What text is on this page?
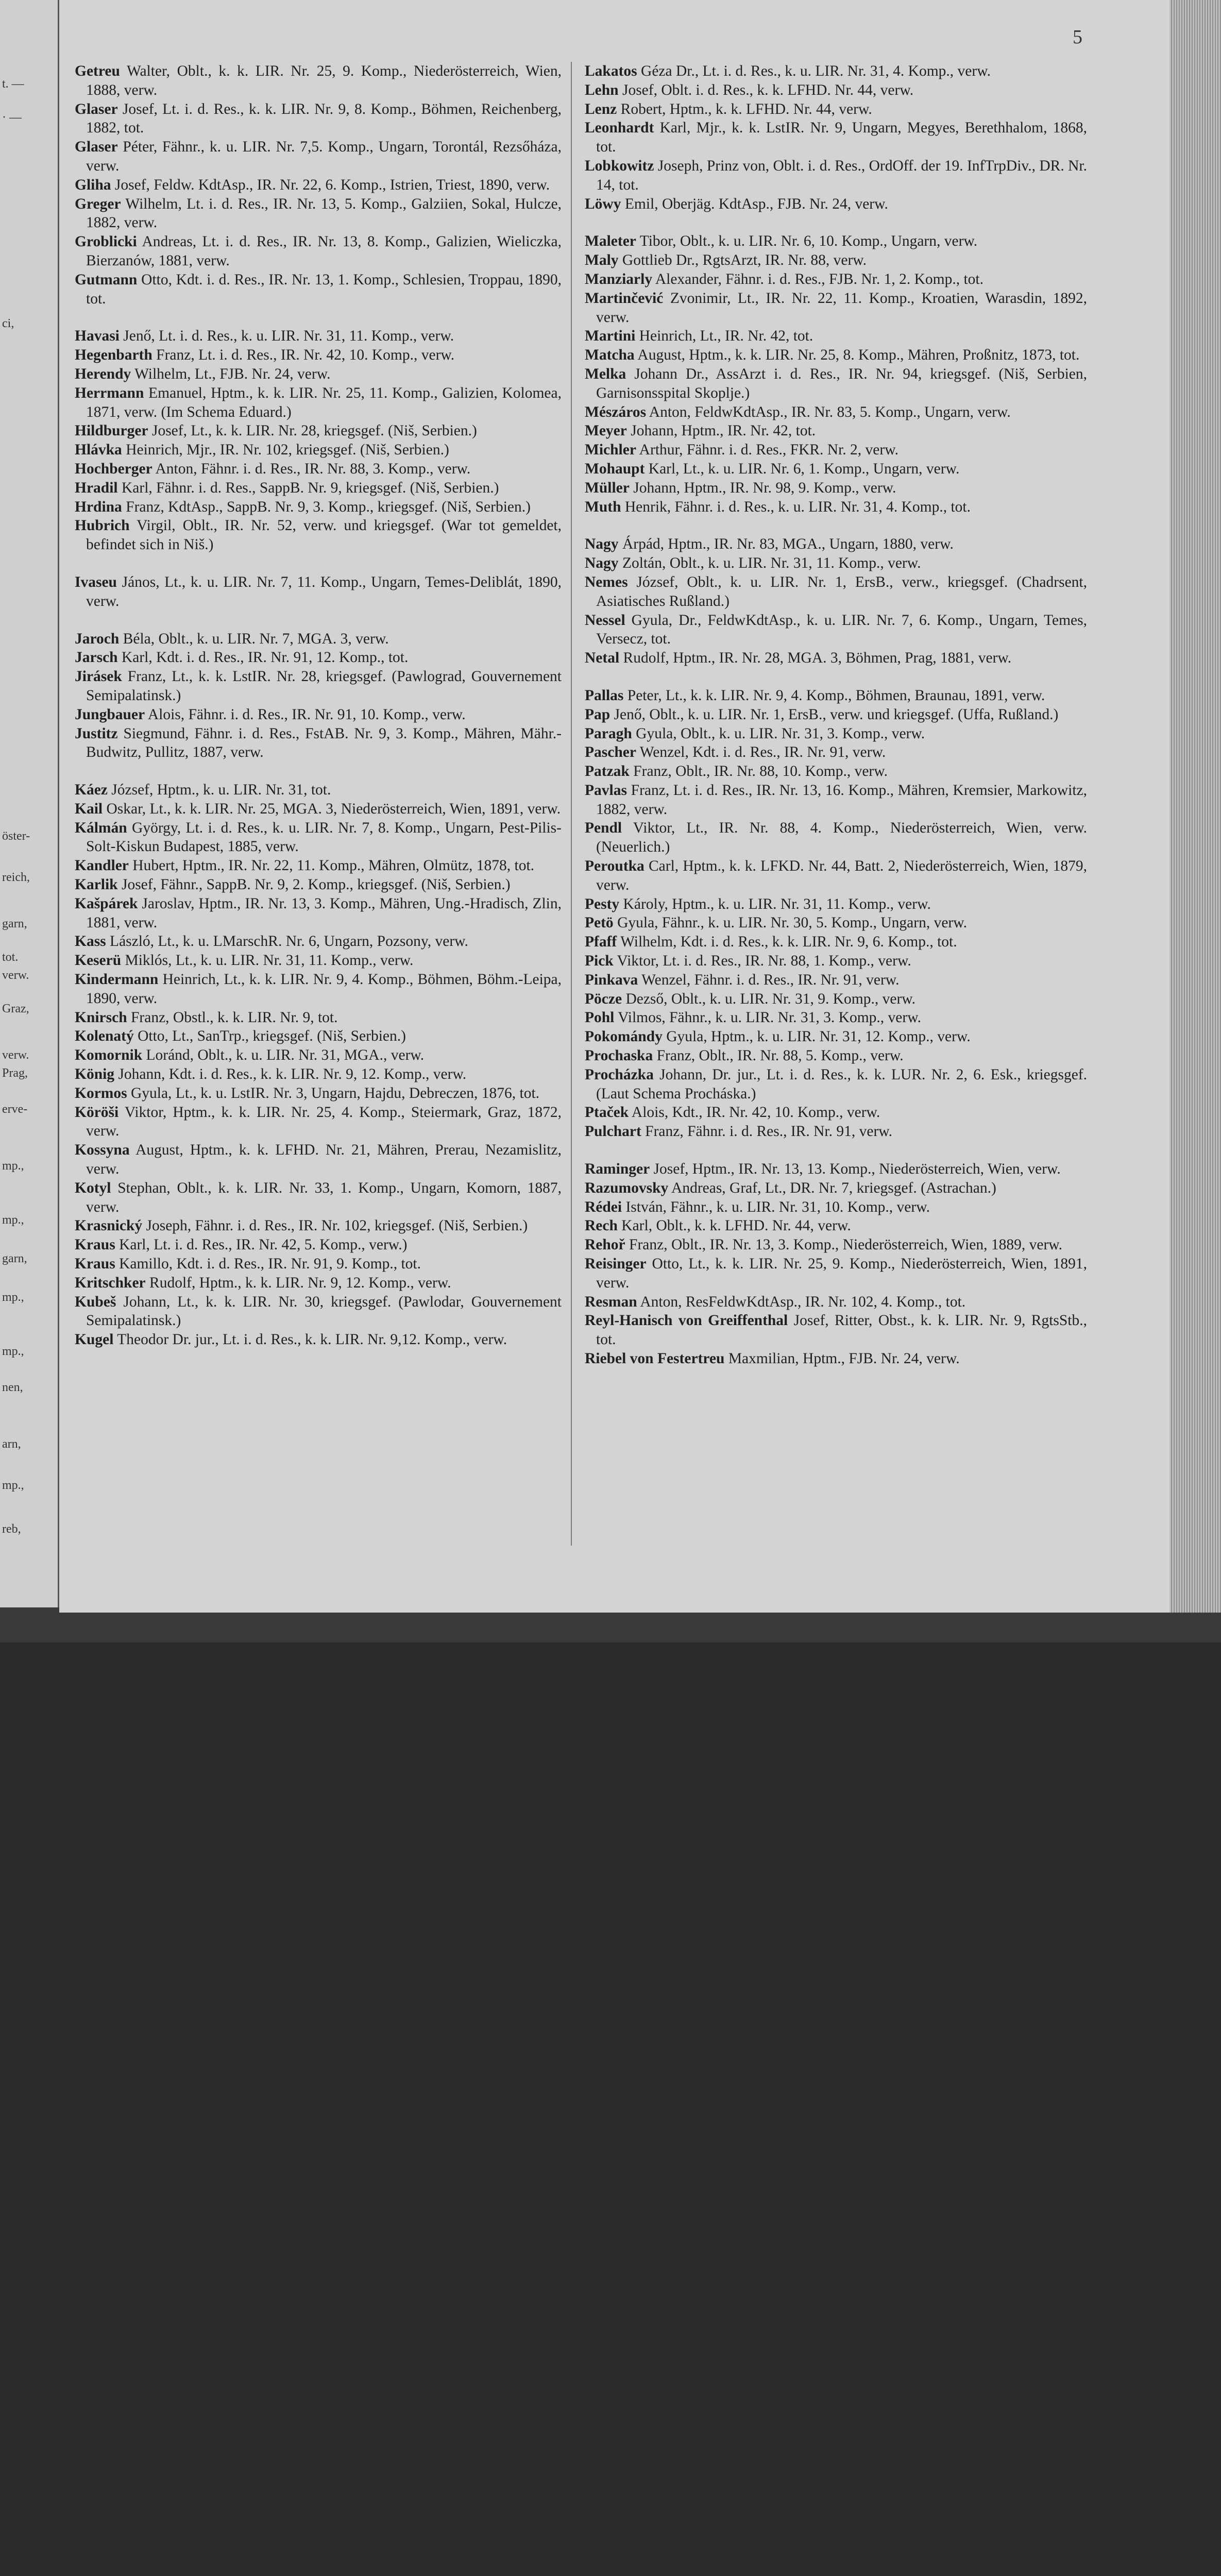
t. —
· —
ci,
öster-
reich,
garn,
tot.
verw.
Graz,
verw.
Prag,
erve-
mp.,
mp.,
garn,
mp.,
mp.,
nen,
arn,
mp.,
reb,
5
Getreu Walter, Oblt., k. k. LIR. Nr. 25, 9. Komp., Niederösterreich, Wien, 1888, verw.
Glaser Josef, Lt. i. d. Res., k. k. LIR. Nr. 9, 8. Komp., Böhmen, Reichenberg, 1882, tot.
Glaser Péter, Fähnr., k. u. LIR. Nr. 7,5. Komp., Ungarn, Torontál, Rezsőháza, verw.
Gliha Josef, Feldw. KdtAsp., IR. Nr. 22, 6. Komp., Istrien, Triest, 1890, verw.
Greger Wilhelm, Lt. i. d. Res., IR. Nr. 13, 5. Komp., Galziien, Sokal, Hulcze, 1882, verw.
Groblicki Andreas, Lt. i. d. Res., IR. Nr. 13, 8. Komp., Galizien, Wieliczka, Bierzanów, 1881, verw.
Gutmann Otto, Kdt. i. d. Res., IR. Nr. 13, 1. Komp., Schlesien, Troppau, 1890, tot.
Havasi Jenő, Lt. i. d. Res., k. u. LIR. Nr. 31, 11. Komp., verw.
Hegenbarth Franz, Lt. i. d. Res., IR. Nr. 42, 10. Komp., verw.
Herendy Wilhelm, Lt., FJB. Nr. 24, verw.
Herrmann Emanuel, Hptm., k. k. LIR. Nr. 25, 11. Komp., Galizien, Kolomea, 1871, verw. (Im Schema Eduard.)
Hildburger Josef, Lt., k. k. LIR. Nr. 28, kriegsgef. (Niš, Serbien.)
Hlávka Heinrich, Mjr., IR. Nr. 102, kriegsgef. (Niš, Serbien.)
Hochberger Anton, Fähnr. i. d. Res., IR. Nr. 88, 3. Komp., verw.
Hradil Karl, Fähnr. i. d. Res., SappB. Nr. 9, kriegsgef. (Niš, Serbien.)
Hrdina Franz, KdtAsp., SappB. Nr. 9, 3. Komp., kriegsgef. (Niš, Serbien.)
Hubrich Virgil, Oblt., IR. Nr. 52, verw. und kriegsgef. (War tot gemeldet, befindet sich in Niš.)
Ivaseu János, Lt., k. u. LIR. Nr. 7, 11. Komp., Ungarn, Temes-Deliblát, 1890, verw.
Jaroch Béla, Oblt., k. u. LIR. Nr. 7, MGA. 3, verw.
Jarsch Karl, Kdt. i. d. Res., IR. Nr. 91, 12. Komp., tot.
Jirásek Franz, Lt., k. k. LstIR. Nr. 28, kriegsgef. (Pawlograd, Gouvernement Semipalatinsk.)
Jungbauer Alois, Fähnr. i. d. Res., IR. Nr. 91, 10. Komp., verw.
Justitz Siegmund, Fähnr. i. d. Res., FstAB. Nr. 9, 3. Komp., Mähren, Mähr.-Budwitz, Pullitz, 1887, verw.
Káez József, Hptm., k. u. LIR. Nr. 31, tot.
Kail Oskar, Lt., k. k. LIR. Nr. 25, MGA. 3, Niederösterreich, Wien, 1891, verw.
Kálmán György, Lt. i. d. Res., k. u. LIR. Nr. 7, 8. Komp., Ungarn, Pest-Pilis-Solt-Kiskun Budapest, 1885, verw.
Kandler Hubert, Hptm., IR. Nr. 22, 11. Komp., Mähren, Olmütz, 1878, tot.
Karlik Josef, Fähnr., SappB. Nr. 9, 2. Komp., kriegsgef. (Niš, Serbien.)
Kašpárek Jaroslav, Hptm., IR. Nr. 13, 3. Komp., Mähren, Ung.-Hradisch, Zlin, 1881, verw.
Kass László, Lt., k. u. LMarschR. Nr. 6, Ungarn, Pozsony, verw.
Keserü Miklós, Lt., k. u. LIR. Nr. 31, 11. Komp., verw.
Kindermann Heinrich, Lt., k. k. LIR. Nr. 9, 4. Komp., Böhmen, Böhm.-Leipa, 1890, verw.
Knirsch Franz, Obstl., k. k. LIR. Nr. 9, tot.
Kolenatý Otto, Lt., SanTrp., kriegsgef. (Niš, Serbien.)
Komornik Loránd, Oblt., k. u. LIR. Nr. 31, MGA., verw.
König Johann, Kdt. i. d. Res., k. k. LIR. Nr. 9, 12. Komp., verw.
Kormos Gyula, Lt., k. u. LstIR. Nr. 3, Ungarn, Hajdu, Debreczen, 1876, tot.
Köröši Viktor, Hptm., k. k. LIR. Nr. 25, 4. Komp., Steiermark, Graz, 1872, verw.
Kossyna August, Hptm., k. k. LFHD. Nr. 21, Mähren, Prerau, Nezamislitz, verw.
Kotyl Stephan, Oblt., k. k. LIR. Nr. 33, 1. Komp., Ungarn, Komorn, 1887, verw.
Krasnický Joseph, Fähnr. i. d. Res., IR. Nr. 102, kriegsgef. (Niš, Serbien.)
Kraus Karl, Lt. i. d. Res., IR. Nr. 42, 5. Komp., verw.)
Kraus Kamillo, Kdt. i. d. Res., IR. Nr. 91, 9. Komp., tot.
Kritschker Rudolf, Hptm., k. k. LIR. Nr. 9, 12. Komp., verw.
Kubeš Johann, Lt., k. k. LIR. Nr. 30, kriegsgef. (Pawlodar, Gouvernement Semipalatinsk.)
Kugel Theodor Dr. jur., Lt. i. d. Res., k. k. LIR. Nr. 9,12. Komp., verw.
Lakatos Géza Dr., Lt. i. d. Res., k. u. LIR. Nr. 31, 4. Komp., verw.
Lehn Josef, Oblt. i. d. Res., k. k. LFHD. Nr. 44, verw.
Lenz Robert, Hptm., k. k. LFHD. Nr. 44, verw.
Leonhardt Karl, Mjr., k. k. LstIR. Nr. 9, Ungarn, Megyes, Berethhalom, 1868, tot.
Lobkowitz Joseph, Prinz von, Oblt. i. d. Res., OrdOff. der 19. InfTrpDiv., DR. Nr. 14, tot.
Löwy Emil, Oberjäg. KdtAsp., FJB. Nr. 24, verw.
Maleter Tibor, Oblt., k. u. LIR. Nr. 6, 10. Komp., Ungarn, verw.
Maly Gottlieb Dr., RgtsArzt, IR. Nr. 88, verw.
Manziarly Alexander, Fähnr. i. d. Res., FJB. Nr. 1, 2. Komp., tot.
Martinčević Zvonimir, Lt., IR. Nr. 22, 11. Komp., Kroatien, Warasdin, 1892, verw.
Martini Heinrich, Lt., IR. Nr. 42, tot.
Matcha August, Hptm., k. k. LIR. Nr. 25, 8. Komp., Mähren, Proßnitz, 1873, tot.
Melka Johann Dr., AssArzt i. d. Res., IR. Nr. 94, kriegsgef. (Niš, Serbien, Garnisonsspital Skoplje.)
Mészáros Anton, FeldwKdtAsp., IR. Nr. 83, 5. Komp., Ungarn, verw.
Meyer Johann, Hptm., IR. Nr. 42, tot.
Michler Arthur, Fähnr. i. d. Res., FKR. Nr. 2, verw.
Mohaupt Karl, Lt., k. u. LIR. Nr. 6, 1. Komp., Ungarn, verw.
Müller Johann, Hptm., IR. Nr. 98, 9. Komp., verw.
Muth Henrik, Fähnr. i. d. Res., k. u. LIR. Nr. 31, 4. Komp., tot.
Nagy Árpád, Hptm., IR. Nr. 83, MGA., Ungarn, 1880, verw.
Nagy Zoltán, Oblt., k. u. LIR. Nr. 31, 11. Komp., verw.
Nemes József, Oblt., k. u. LIR. Nr. 1, ErsB., verw., kriegsgef. (Chadrsent, Asiatisches Rußland.)
Nessel Gyula, Dr., FeldwKdtAsp., k. u. LIR. Nr. 7, 6. Komp., Ungarn, Temes, Versecz, tot.
Netal Rudolf, Hptm., IR. Nr. 28, MGA. 3, Böhmen, Prag, 1881, verw.
Pallas Peter, Lt., k. k. LIR. Nr. 9, 4. Komp., Böhmen, Braunau, 1891, verw.
Pap Jenő, Oblt., k. u. LIR. Nr. 1, ErsB., verw. und kriegsgef. (Uffa, Rußland.)
Paragh Gyula, Oblt., k. u. LIR. Nr. 31, 3. Komp., verw.
Pascher Wenzel, Kdt. i. d. Res., IR. Nr. 91, verw.
Patzak Franz, Oblt., IR. Nr. 88, 10. Komp., verw.
Pavlas Franz, Lt. i. d. Res., IR. Nr. 13, 16. Komp., Mähren, Kremsier, Markowitz, 1882, verw.
Pendl Viktor, Lt., IR. Nr. 88, 4. Komp., Niederösterreich, Wien, verw. (Neuerlich.)
Peroutka Carl, Hptm., k. k. LFKD. Nr. 44, Batt. 2, Niederösterreich, Wien, 1879, verw.
Pesty Károly, Hptm., k. u. LIR. Nr. 31, 11. Komp., verw.
Petö Gyula, Fähnr., k. u. LIR. Nr. 30, 5. Komp., Ungarn, verw.
Pfaff Wilhelm, Kdt. i. d. Res., k. k. LIR. Nr. 9, 6. Komp., tot.
Pick Viktor, Lt. i. d. Res., IR. Nr. 88, 1. Komp., verw.
Pinkava Wenzel, Fähnr. i. d. Res., IR. Nr. 91, verw.
Pöcze Dezső, Oblt., k. u. LIR. Nr. 31, 9. Komp., verw.
Pohl Vilmos, Fähnr., k. u. LIR. Nr. 31, 3. Komp., verw.
Pokomándy Gyula, Hptm., k. u. LIR. Nr. 31, 12. Komp., verw.
Prochaska Franz, Oblt., IR. Nr. 88, 5. Komp., verw.
Procházka Johann, Dr. jur., Lt. i. d. Res., k. k. LUR. Nr. 2, 6. Esk., kriegsgef. (Laut Schema Procháska.)
Ptaček Alois, Kdt., IR. Nr. 42, 10. Komp., verw.
Pulchart Franz, Fähnr. i. d. Res., IR. Nr. 91, verw.
Raminger Josef, Hptm., IR. Nr. 13, 13. Komp., Niederösterreich, Wien, verw.
Razumovsky Andreas, Graf, Lt., DR. Nr. 7, kriegsgef. (Astrachan.)
Rédei István, Fähnr., k. u. LIR. Nr. 31, 10. Komp., verw.
Rech Karl, Oblt., k. k. LFHD. Nr. 44, verw.
Rehoř Franz, Oblt., IR. Nr. 13, 3. Komp., Niederösterreich, Wien, 1889, verw.
Reisinger Otto, Lt., k. k. LIR. Nr. 25, 9. Komp., Niederösterreich, Wien, 1891, verw.
Resman Anton, ResFeldwKdtAsp., IR. Nr. 102, 4. Komp., tot.
Reyl-Hanisch von Greiffenthal Josef, Ritter, Obst., k. k. LIR. Nr. 9, RgtsStb., tot.
Riebel von Festertreu Maxmilian, Hptm., FJB. Nr. 24, verw.
